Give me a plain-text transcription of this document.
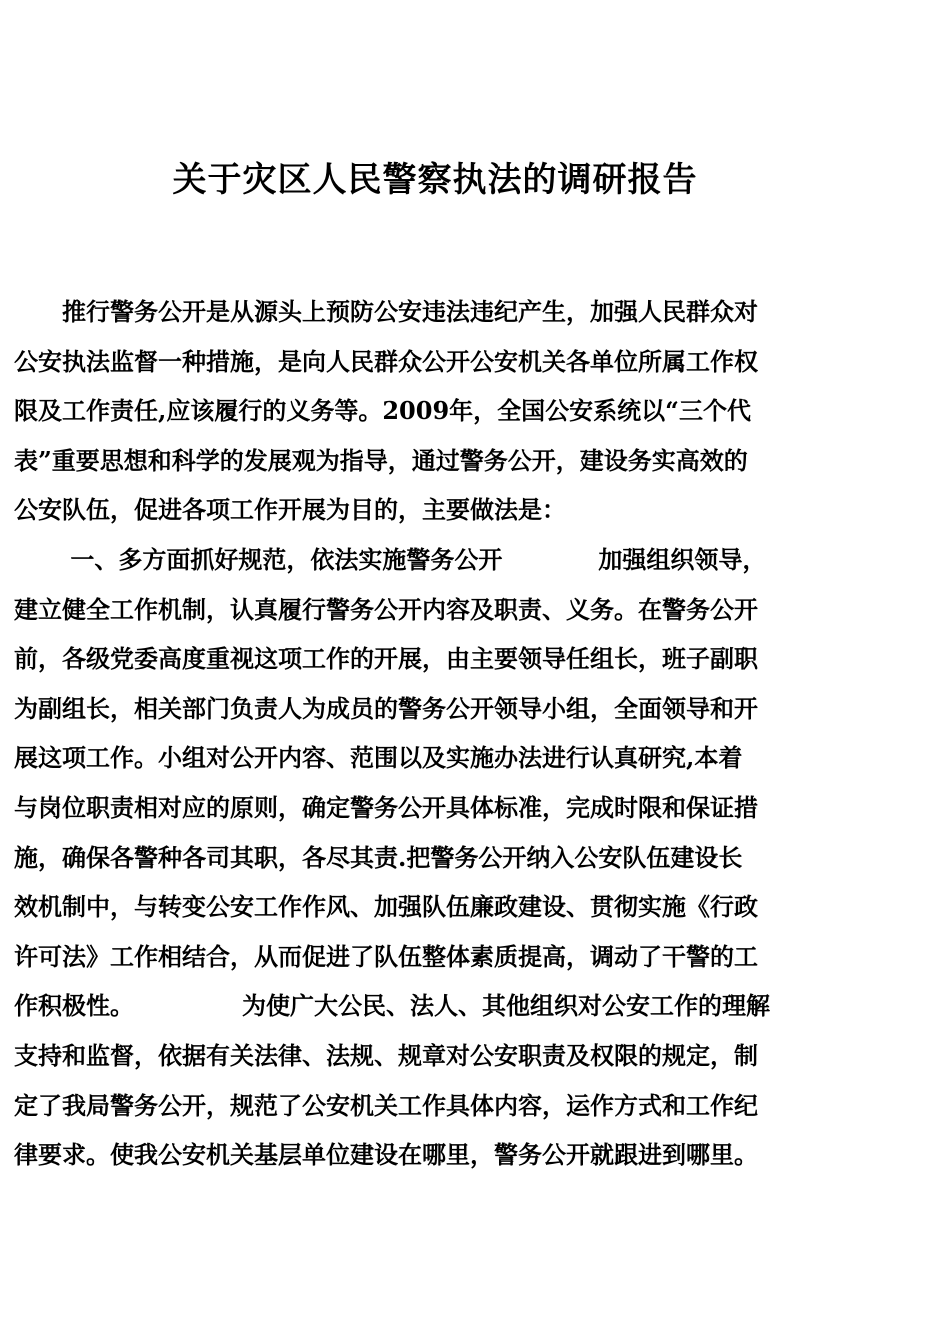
关于灾区人民警察执法的调研报告
　　推行警务公开是从源头上预防公安违法违纪产生，加强人民群众对
公安执法监督一种措施，是向人民群众公开公安机关各单位所属工作权
限及工作责任,应该履行的义务等。2009年，全国公安系统以“三个代
表”重要思想和科学的发展观为指导，通过警务公开，建设务实高效的
公安队伍，促进各项工作开展为目的，主要做法是：
　　 一、多方面抓好规范，依法实施警务公开　　　　加强组织领导，
建立健全工作机制，认真履行警务公开内容及职责、义务。在警务公开
前，各级党委高度重视这项工作的开展，由主要领导任组长，班子副职
为副组长，相关部门负责人为成员的警务公开领导小组，全面领导和开
展这项工作。小组对公开内容、范围以及实施办法进行认真研究,本着
与岗位职责相对应的原则，确定警务公开具体标准，完成时限和保证措
施，确保各警种各司其职，各尽其责.把警务公开纳入公安队伍建设长
效机制中，与转变公安工作作风、加强队伍廉政建设、贯彻实施《行政
许可法》工作相结合，从而促进了队伍整体素质提高，调动了干警的工
作积极性。　　　　　为使广大公民、法人、其他组织对公安工作的理解
支持和监督，依据有关法律、法规、规章对公安职责及权限的规定，制
定了我局警务公开，规范了公安机关工作具体内容，运作方式和工作纪
律要求。使我公安机关基层单位建设在哪里，警务公开就跟进到哪里。
